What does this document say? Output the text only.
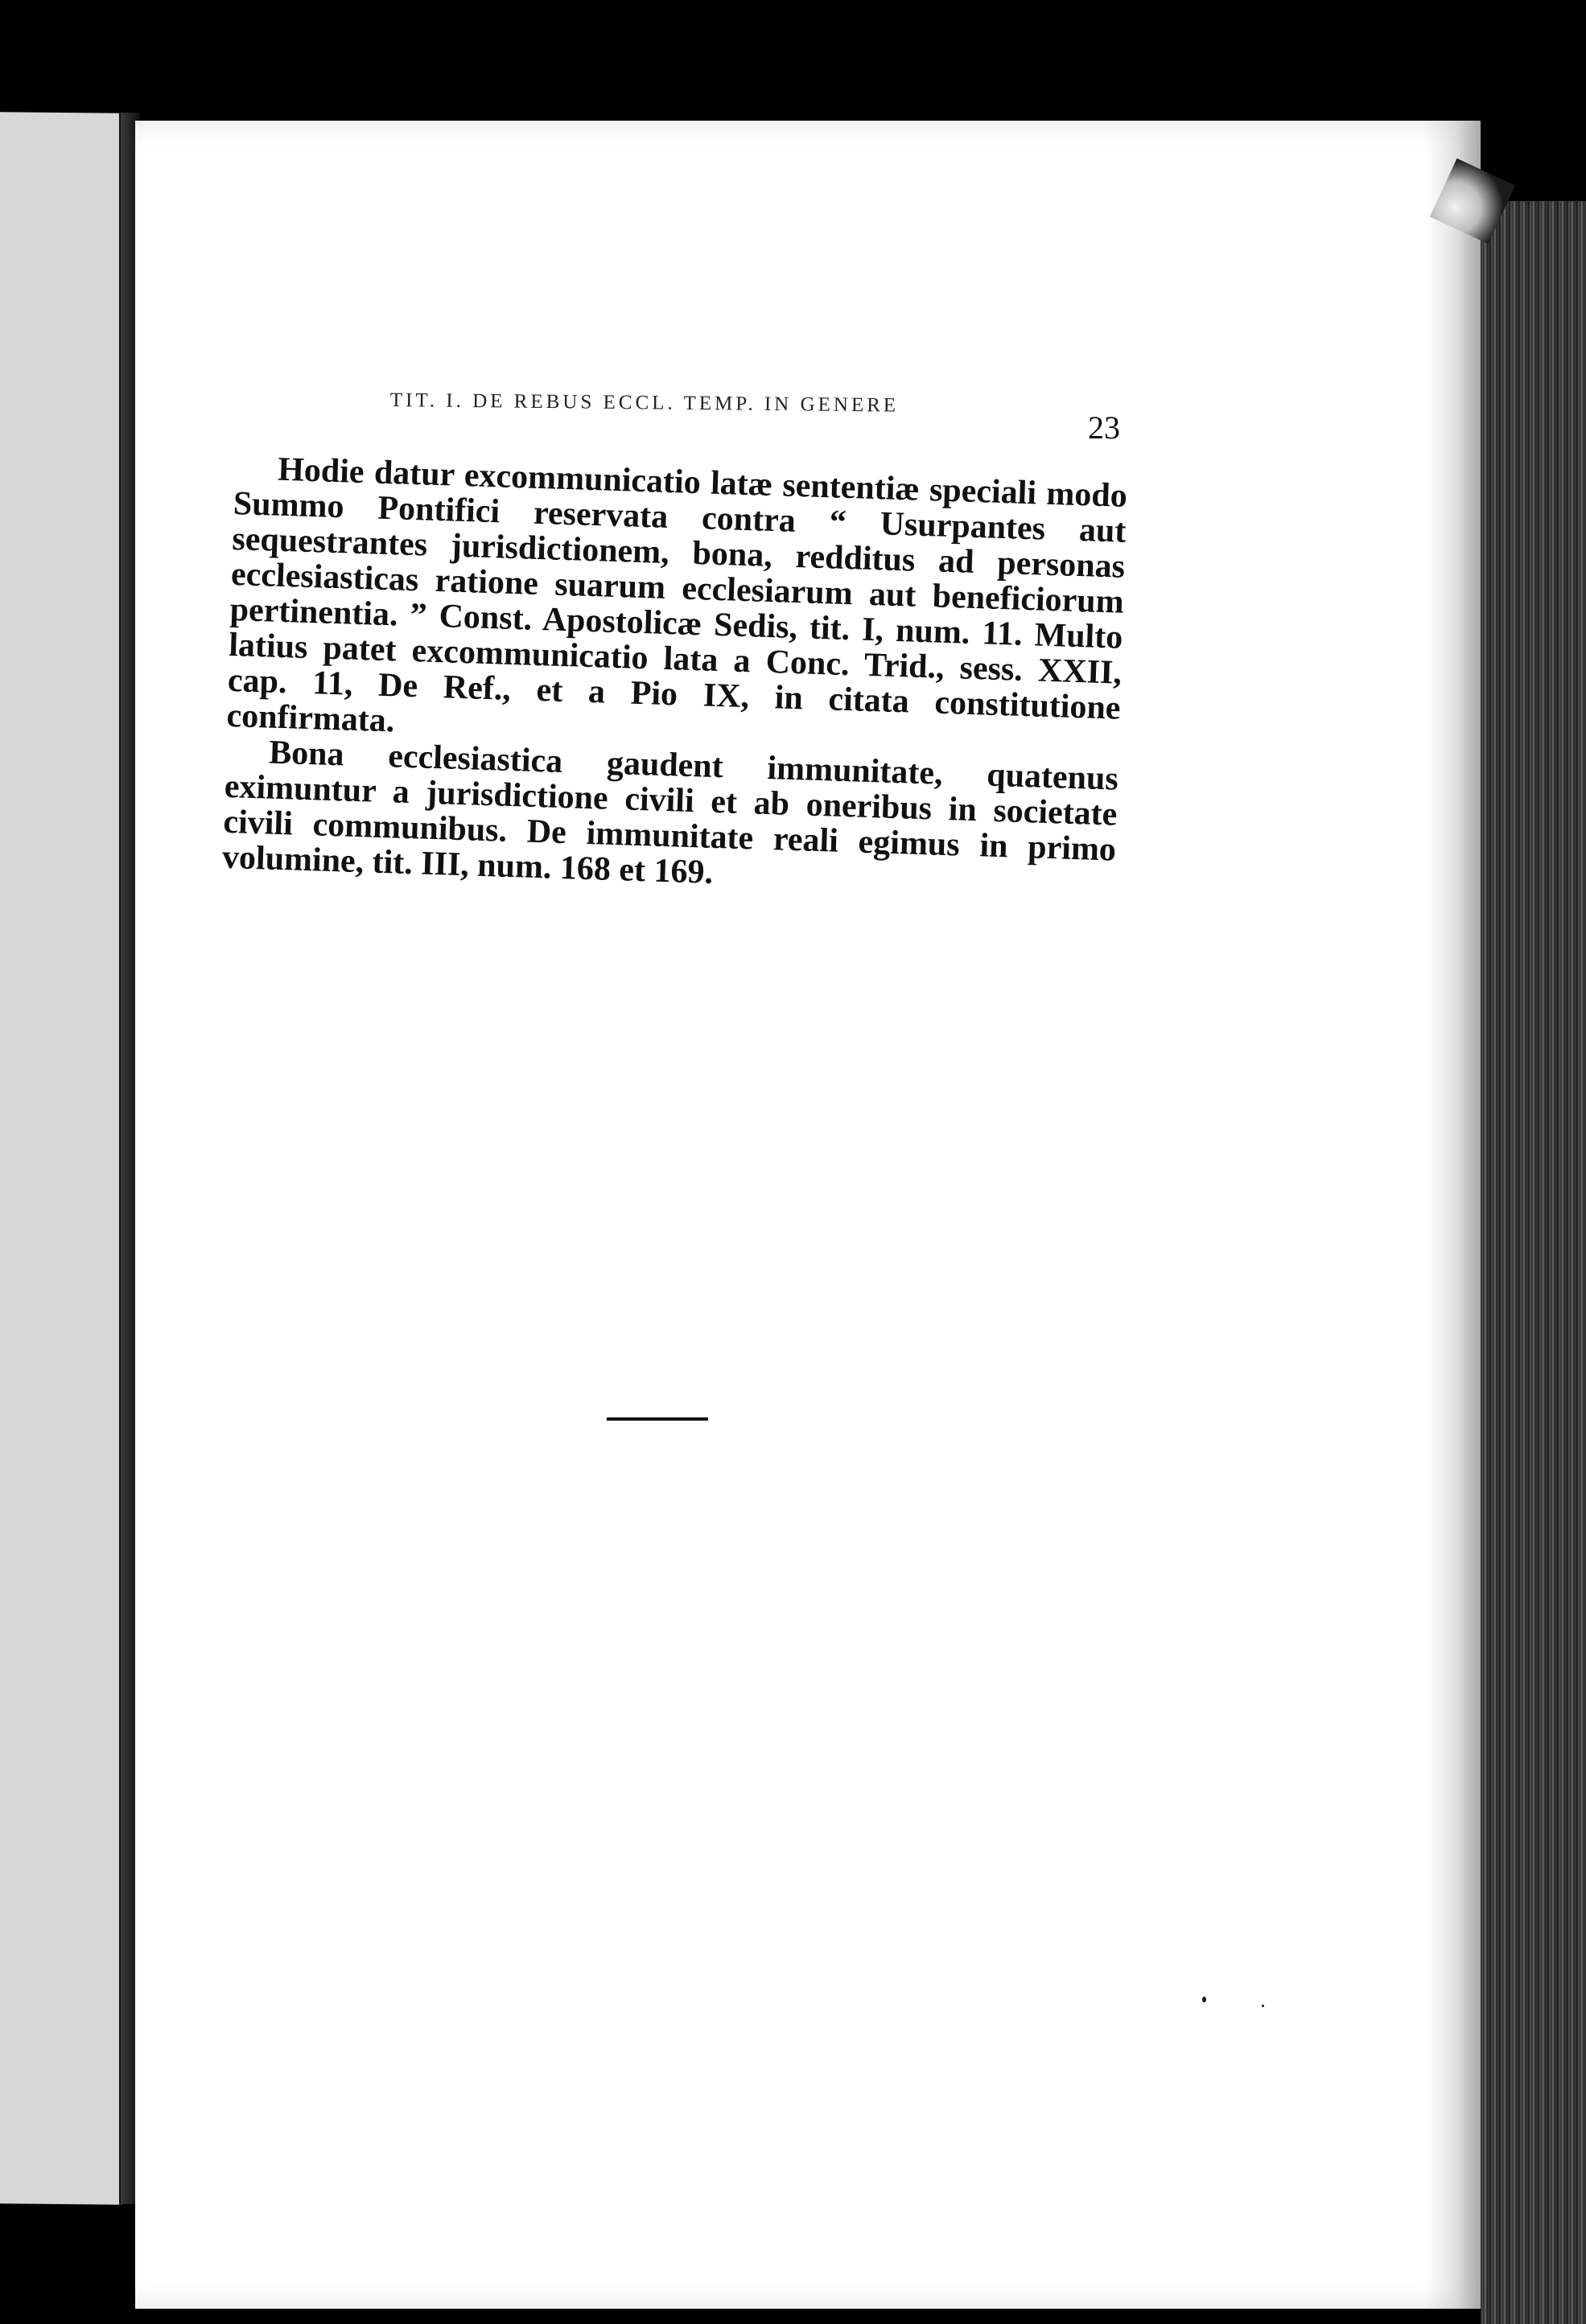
TIT. I. DE REBUS ECCL. TEMP. IN GENERE
23

Hodie datur excommunicatio latæ sententiæ speciali modo Summo Pontifici reservata contra “ Usurpantes aut sequestrantes jurisdictionem, bona, redditus ad personas ecclesiasticas ratione suarum ecclesiarum aut beneficiorum pertinentia. ” Const. Apostolicæ Sedis, tit. I, num. 11. Multo latius patet excommunicatio lata a Conc. Trid., sess. XXII, cap. 11, De Ref., et a Pio IX, in citata constitutione confirmata.

Bona ecclesiastica gaudent immunitate, quatenus eximuntur a jurisdictione civili et ab oneribus in societate civili communibus. De immunitate reali egimus in primo volumine, tit. III, num. 168 et 169.
